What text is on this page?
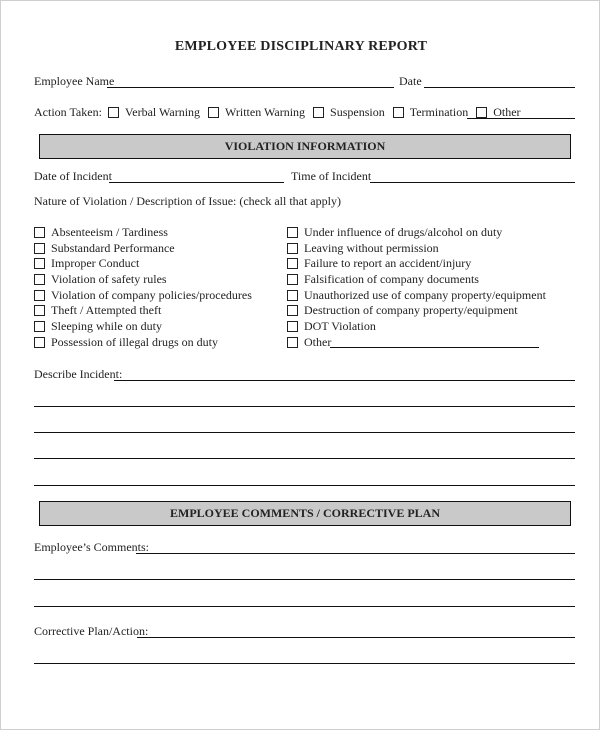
EMPLOYEE DISCIPLINARY REPORT
Employee Name	Date
Action Taken: Verbal Warning Written Warning Suspension Termination Other
VIOLATION INFORMATION
Date of Incident	Time of Incident
Nature of Violation / Description of Issue: (check all that apply)
Absenteeism / Tardiness
Substandard Performance
Improper Conduct
Violation of safety rules
Violation of company policies/procedures
Theft / Attempted theft
Sleeping while on duty
Possession of illegal drugs on duty
Under influence of drugs/alcohol on duty
Leaving without permission
Failure to report an accident/injury
Falsification of company documents
Unauthorized use of company property/equipment
Destruction of company property/equipment
DOT Violation
Other
Describe Incident:
EMPLOYEE COMMENTS / CORRECTIVE PLAN
Employee’s Comments:
Corrective Plan/Action:
